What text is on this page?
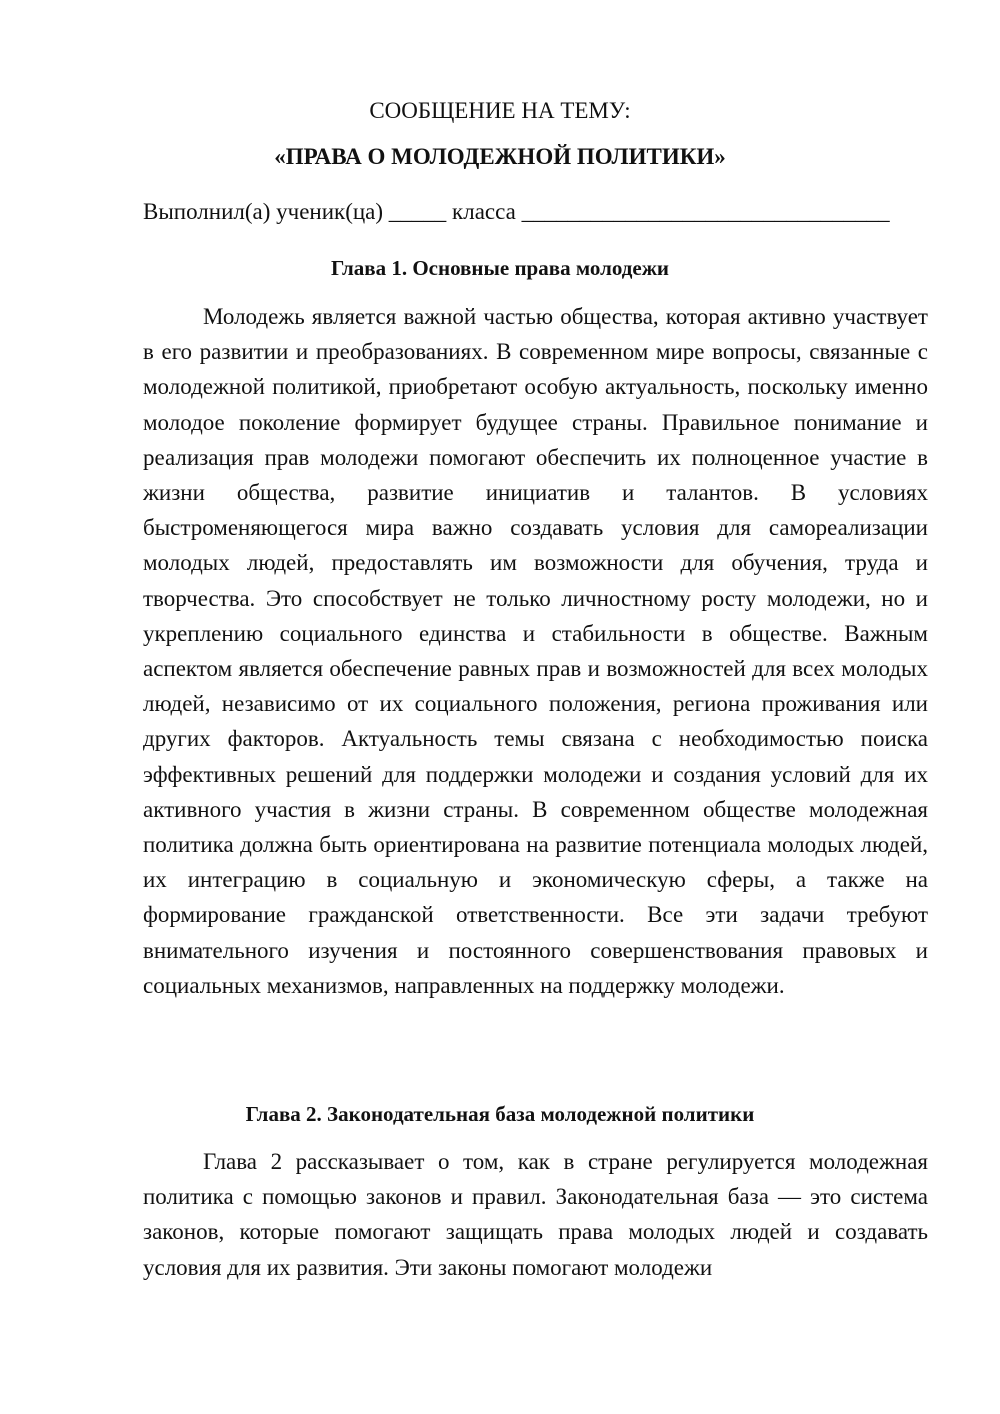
СООБЩЕНИЕ НА ТЕМУ:
«ПРАВА О МОЛОДЕЖНОЙ ПОЛИТИКИ»
Выполнил(а) ученик(ца) _____ класса ________________________________
Глава 1. Основные права молодежи

Молодежь является важной частью общества, которая активно участвует в его развитии и преобразованиях. В современном мире вопросы, связанные с молодежной политикой, приобретают особую актуальность, поскольку именно молодое поколение формирует будущее страны. Правильное понимание и реализация прав молодежи помогают обеспечить их полноценное участие в жизни общества, развитие инициатив и талантов. В условиях быстроменяющегося мира важно создавать условия для самореализации молодых людей, предоставлять им возможности для обучения, труда и творчества. Это способствует не только личностному росту молодежи, но и укреплению социального единства и стабильности в обществе. Важным аспектом является обеспечение равных прав и возможностей для всех молодых людей, независимо от их социального положения, региона проживания или других факторов. Актуальность темы связана с необходимостью поиска эффективных решений для поддержки молодежи и создания условий для их активного участия в жизни страны. В современном обществе молодежная политика должна быть ориентирована на развитие потенциала молодых людей, их интеграцию в социальную и экономическую сферы, а также на формирование гражданской ответственности. Все эти задачи требуют внимательного изучения и постоянного совершенствования правовых и социальных механизмов, направленных на поддержку молодежи.

Глава 2. Законодательная база молодежной политики

Глава 2 рассказывает о том, как в стране регулируется молодежная политика с помощью законов и правил. Законодательная база — это система законов, которые помогают защищать права молодых людей и создавать условия для их развития. Эти законы помогают молодежи
